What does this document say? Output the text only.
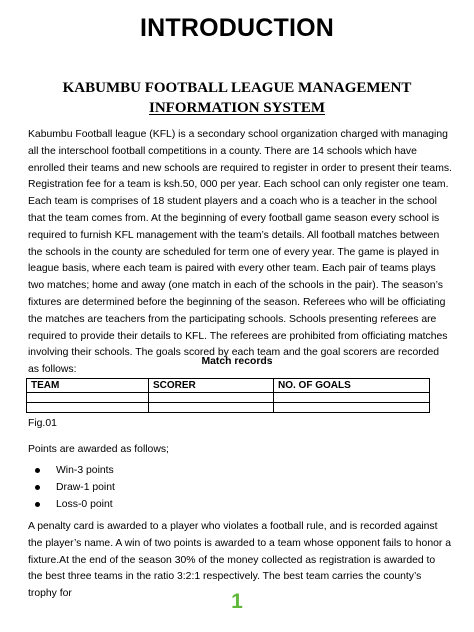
INTRODUCTION
KABUMBU FOOTBALL LEAGUE MANAGEMENT
INFORMATION SYSTEM

Kabumbu Football league (KFL) is a secondary school organization charged with managing all the interschool football competitions in a county. There are 14 schools which have enrolled their teams and new schools are required to register in order to present their teams. Registration fee for a team is ksh.50, 000 per year. Each school can only register one team. Each team is comprises of 18 student players and a coach who is a teacher in the school that the team comes from. At the beginning of every football game season every school is required to furnish KFL management with the team’s details. All football matches between the schools in the county are scheduled for term one of every year. The game is played in league basis, where each team is paired with every other team. Each pair of teams plays two matches; home and away (one match in each of the schools in the pair). The season’s fixtures are determined before the beginning of the season. Referees who will be officiating the matches are teachers from the participating schools. Schools presenting referees are required to provide their details to KFL. The referees are prohibited from officiating matches involving their schools. The goals scored by each team and the goal scorers are recorded as follows:

Match records
TEAM	SCORER	NO. OF GOALS

Fig.01
Points are awarded as follows;
Win-3 points
Draw-1 point
Loss-0 point

A penalty card is awarded to a player who violates a football rule, and is recorded against the player’s name. A win of two points is awarded to a team whose opponent fails to honor a fixture.At the end of the season 30% of the money collected as registration is awarded to the best three teams in the ratio 3:2:1 respectively. The best team carries the county’s trophy for	1
